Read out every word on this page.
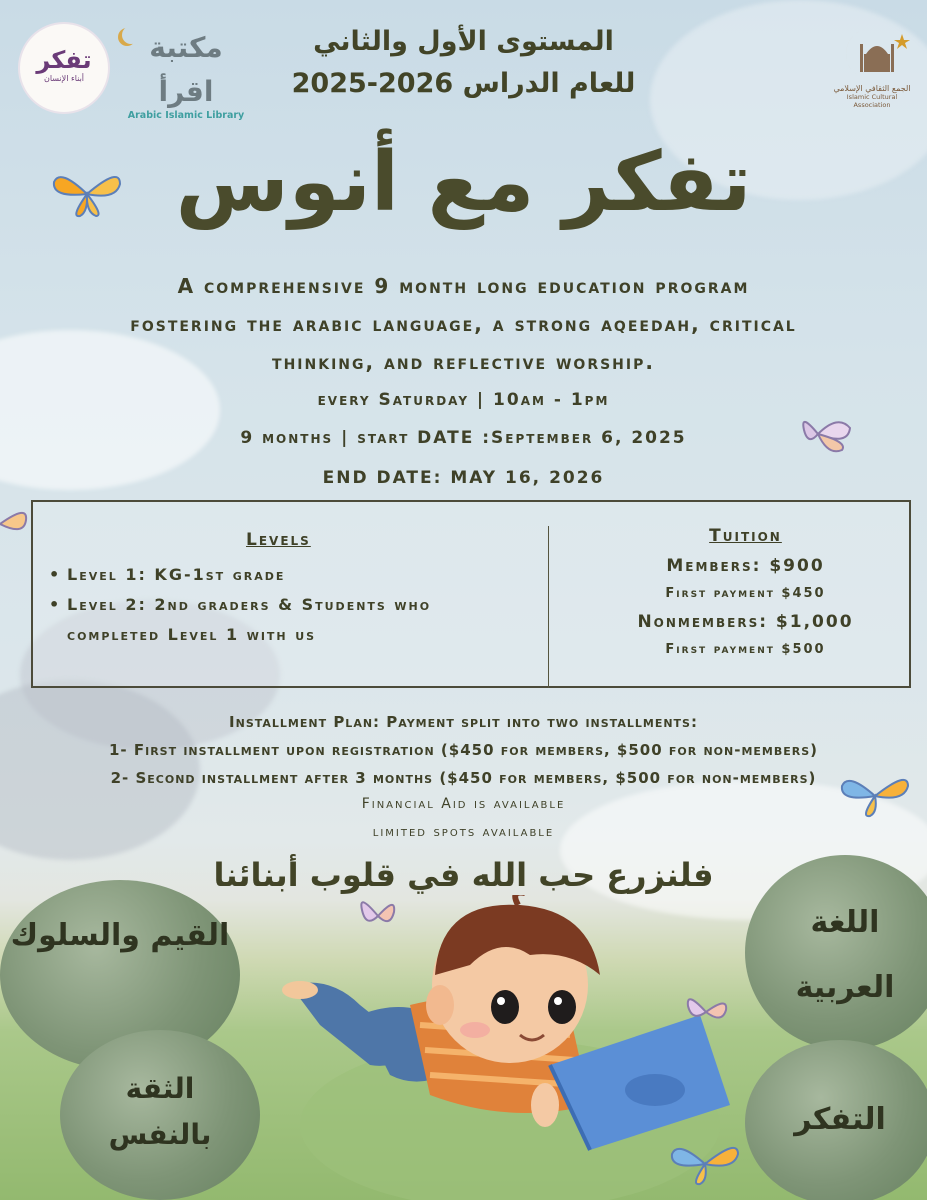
تفكر
أبناء الإنسان
مكتبة اقرأ
Arabic Islamic Library
الجمع الثقافي الإسلامي
Islamic Cultural Association
المستوى الأول والثاني
للعام الدراس 2026-2025
تفكر مع أنوس
A comprehensive 9 month long education program
fostering the arabic language, a strong aqeedah, critical
thinking, and reflective worship.
every Saturday | 10am - 1pm
9 months | start DATE :September 6, 2025
END DATE: MAY 16, 2026
Levels
• Level 1: KG-1st grade
• Level 2: 2nd graders & Students who
completed Level 1 with us
Tuition
Members: $900
First payment $450
Nonmembers: $1,000
First payment $500
Installment Plan: Payment split into two installments:
1- First installment upon registration ($450 for members, $500 for non-members)
2- Second installment after 3 months ($450 for members, $500 for non-members)
Financial Aid is available
limited spots available
فلنزرع حب الله في قلوب أبنائنا
القيم والسلوك
الثقة
بالنفس
اللغة
العربية
التفكر
